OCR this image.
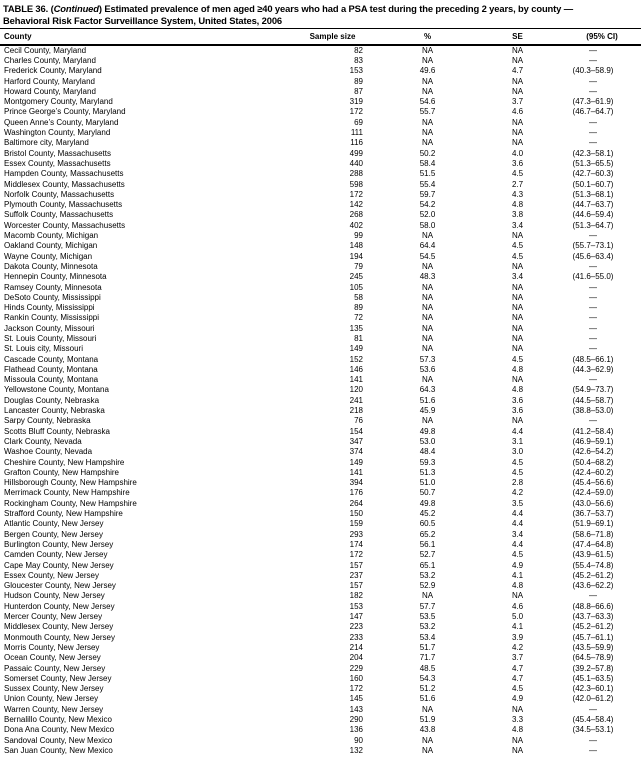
TABLE 36. (Continued) Estimated prevalence of men aged ≥40 years who had a PSA test during the preceding 2 years, by county —
Behavioral Risk Factor Surveillance System, United States, 2006
County	Sample size	%	SE	(95% CI)
Cecil County, Maryland	82	NA	NA	—
Charles County, Maryland	83	NA	NA	—
Frederick County, Maryland	153	49.6	4.7	(40.3–58.9)
Harford County, Maryland	89	NA	NA	—
Howard County, Maryland	87	NA	NA	—
Montgomery County, Maryland	319	54.6	3.7	(47.3–61.9)
Prince George’s County, Maryland	172	55.7	4.6	(46.7–64.7)
Queen Anne’s County, Maryland	69	NA	NA	—
Washington County, Maryland	111	NA	NA	—
Baltimore city, Maryland	116	NA	NA	—
Bristol County, Massachusetts	499	50.2	4.0	(42.3–58.1)
Essex County, Massachusetts	440	58.4	3.6	(51.3–65.5)
Hampden County, Massachusetts	288	51.5	4.5	(42.7–60.3)
Middlesex County, Massachusetts	598	55.4	2.7	(50.1–60.7)
Norfolk County, Massachusetts	172	59.7	4.3	(51.3–68.1)
Plymouth County, Massachusetts	142	54.2	4.8	(44.7–63.7)
Suffolk County, Massachusetts	268	52.0	3.8	(44.6–59.4)
Worcester County, Massachusetts	402	58.0	3.4	(51.3–64.7)
Macomb County, Michigan	99	NA	NA	—
Oakland County, Michigan	148	64.4	4.5	(55.7–73.1)
Wayne County, Michigan	194	54.5	4.5	(45.6–63.4)
Dakota County, Minnesota	79	NA	NA	—
Hennepin County, Minnesota	245	48.3	3.4	(41.6–55.0)
Ramsey County, Minnesota	105	NA	NA	—
DeSoto County, Mississippi	58	NA	NA	—
Hinds County, Mississippi	89	NA	NA	—
Rankin County, Mississippi	72	NA	NA	—
Jackson County, Missouri	135	NA	NA	—
St. Louis County, Missouri	81	NA	NA	—
St. Louis city, Missouri	149	NA	NA	—
Cascade County, Montana	152	57.3	4.5	(48.5–66.1)
Flathead County, Montana	146	53.6	4.8	(44.3–62.9)
Missoula County, Montana	141	NA	NA	—
Yellowstone County, Montana	120	64.3	4.8	(54.9–73.7)
Douglas County, Nebraska	241	51.6	3.6	(44.5–58.7)
Lancaster County, Nebraska	218	45.9	3.6	(38.8–53.0)
Sarpy County, Nebraska	76	NA	NA	—
Scotts Bluff County, Nebraska	154	49.8	4.4	(41.2–58.4)
Clark County, Nevada	347	53.0	3.1	(46.9–59.1)
Washoe County, Nevada	374	48.4	3.0	(42.6–54.2)
Cheshire County, New Hampshire	149	59.3	4.5	(50.4–68.2)
Grafton County, New Hampshire	141	51.3	4.5	(42.4–60.2)
Hillsborough County, New Hampshire	394	51.0	2.8	(45.4–56.6)
Merrimack County, New Hampshire	176	50.7	4.2	(42.4–59.0)
Rockingham County, New Hampshire	264	49.8	3.5	(43.0–56.6)
Strafford County, New Hampshire	150	45.2	4.4	(36.7–53.7)
Atlantic County, New Jersey	159	60.5	4.4	(51.9–69.1)
Bergen County, New Jersey	293	65.2	3.4	(58.6–71.8)
Burlington County, New Jersey	174	56.1	4.4	(47.4–64.8)
Camden County, New Jersey	172	52.7	4.5	(43.9–61.5)
Cape May County, New Jersey	157	65.1	4.9	(55.4–74.8)
Essex County, New Jersey	237	53.2	4.1	(45.2–61.2)
Gloucester County, New Jersey	157	52.9	4.8	(43.6–62.2)
Hudson County, New Jersey	182	NA	NA	—
Hunterdon County, New Jersey	153	57.7	4.6	(48.8–66.6)
Mercer County, New Jersey	147	53.5	5.0	(43.7–63.3)
Middlesex County, New Jersey	223	53.2	4.1	(45.2–61.2)
Monmouth County, New Jersey	233	53.4	3.9	(45.7–61.1)
Morris County, New Jersey	214	51.7	4.2	(43.5–59.9)
Ocean County, New Jersey	204	71.7	3.7	(64.5–78.9)
Passaic County, New Jersey	229	48.5	4.7	(39.2–57.8)
Somerset County, New Jersey	160	54.3	4.7	(45.1–63.5)
Sussex County, New Jersey	172	51.2	4.5	(42.3–60.1)
Union County, New Jersey	145	51.6	4.9	(42.0–61.2)
Warren County, New Jersey	143	NA	NA	—
Bernalillo County, New Mexico	290	51.9	3.3	(45.4–58.4)
Dona Ana County, New Mexico	136	43.8	4.8	(34.5–53.1)
Sandoval County, New Mexico	90	NA	NA	—
San Juan County, New Mexico	132	NA	NA	—
